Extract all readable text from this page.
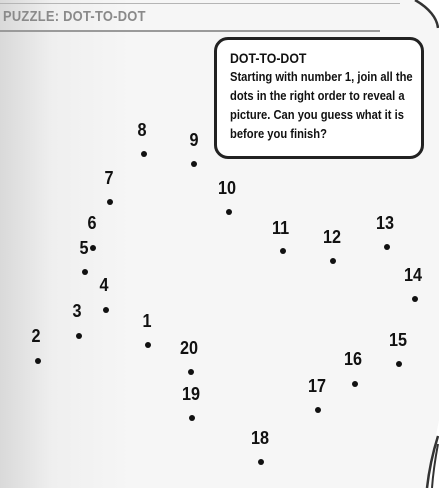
PUZZLE: DOT-TO-DOT
DOT-TO-DOT
Starting with number 1, join all the dots in the right order to reveal a picture. Can you guess what it is before you finish?
1
2
3
4
5
6
7
8 9
10
11 12
13
14
15
16
17
18
19
20
